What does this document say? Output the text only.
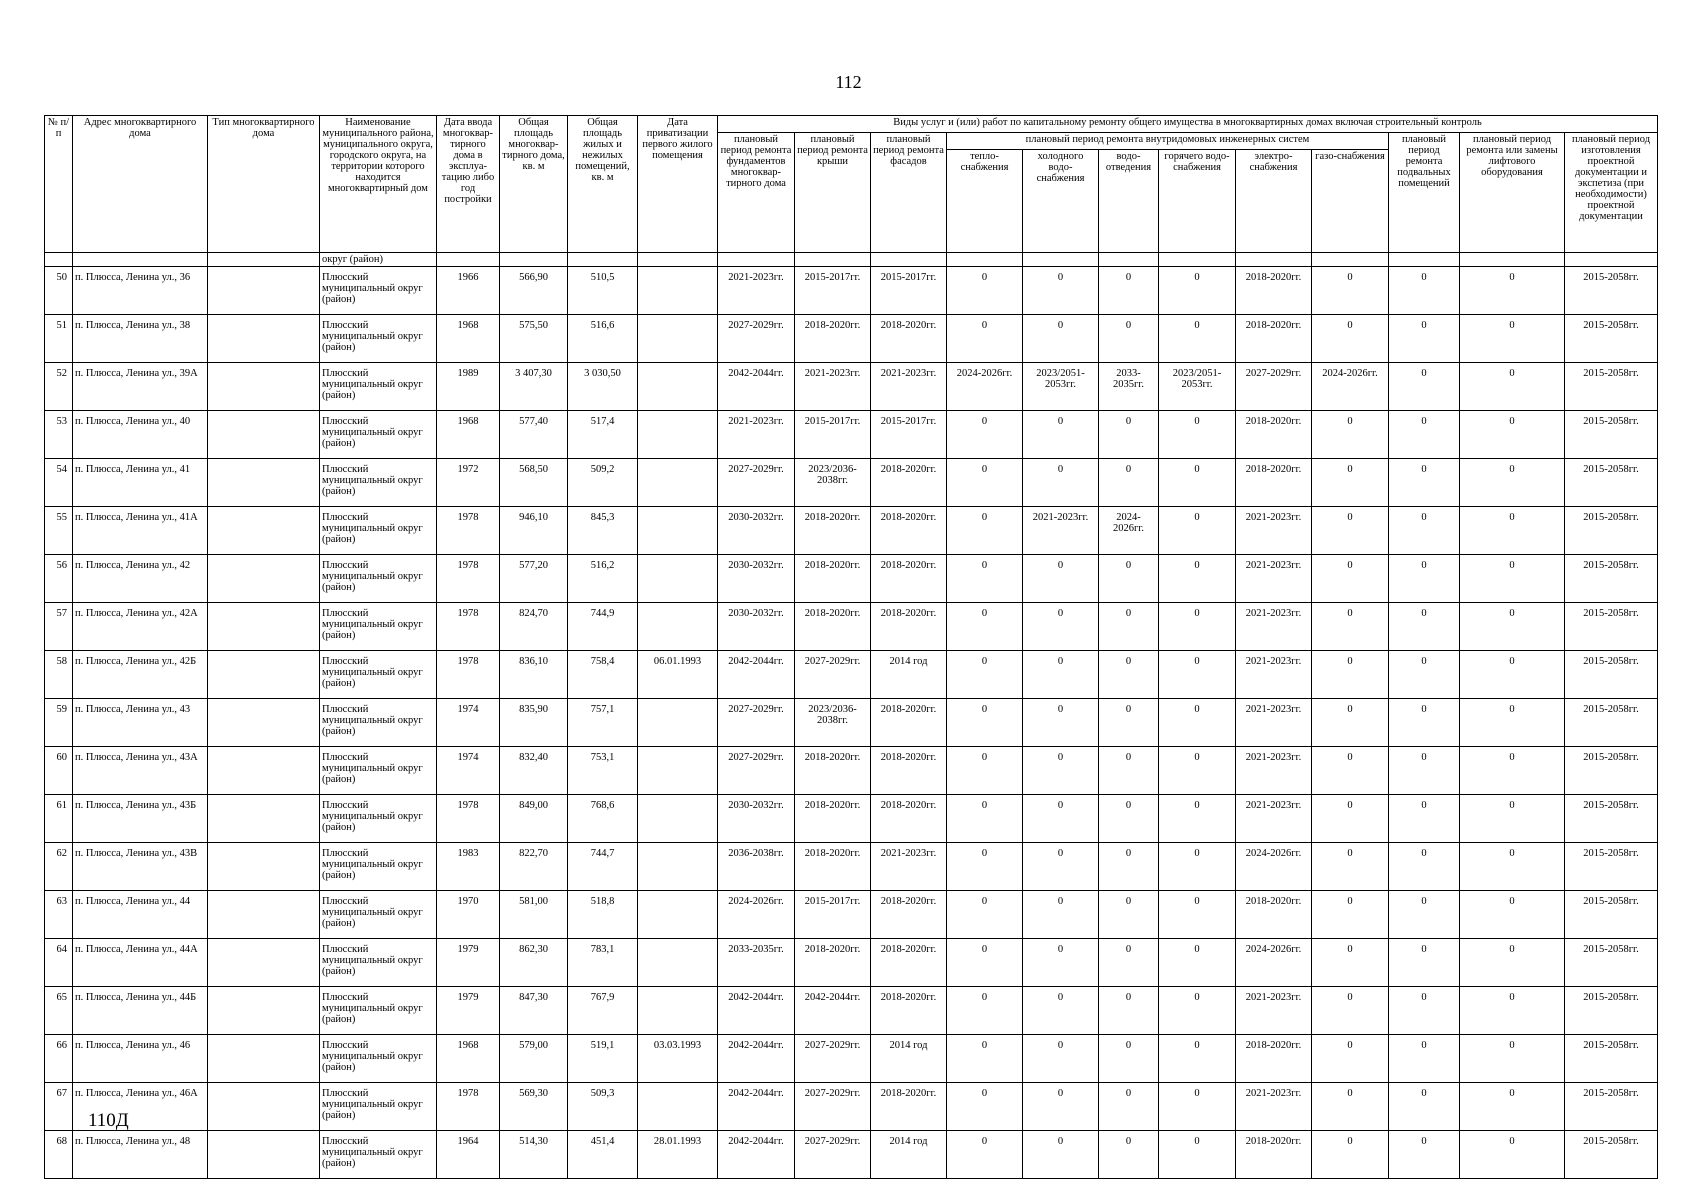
112
№ п/п	Адрес многоквартирного дома	Тип многоквартирного дома	Наименование муниципального района, муниципального округа, городского округа, на территории которого находится многоквартирный дом	Дата ввода многоквар-тирного дома в эксплуа-тацию либо год постройки	Общая площадь многоквар-тирного дома, кв. м	Общая площадь жилых и нежилых помещений, кв. м	Дата приватизации первого жилого помещения	Виды услуг и (или) работ по капитальному ремонту общего имущества в многоквартирных домах включая строительный контроль											
								плановый период ремонта фундаментов многоквар-тирного дома	плановый период ремонта крыши	плановый период ремонта фасадов	плановый период ремонта внутридомовых инженерных систем						плановый период ремонта подвальных помещений	плановый период ремонта или замены лифтового оборудования	плановый период изготовления проектной документации и экспетиза (при необходимости) проектной документации
											тепло-снабжения	холодного водо-снабжения	водо-отведения	горячего водо-снабжения	электро-снабжения	газо-снабжения			
			округ (район)																
50	п. Плюсса, Ленина ул., 36		Плюсский муниципальный округ (район)	1966	566,90	510,5		2021-2023гг.	2015-2017гг.	2015-2017гг.	0	0	0	0	2018-2020гг.	0	0	0	2015-2058гг.
51	п. Плюсса, Ленина ул., 38		Плюсский муниципальный округ (район)	1968	575,50	516,6		2027-2029гг.	2018-2020гг.	2018-2020гг.	0	0	0	0	2018-2020гг.	0	0	0	2015-2058гг.
52	п. Плюсса, Ленина ул., 39А		Плюсский муниципальный округ (район)	1989	3 407,30	3 030,50		2042-2044гг.	2021-2023гг.	2021-2023гг.	2024-2026гг.	2023/2051-2053гг.	2033-2035гг.	2023/2051-2053гг.	2027-2029гг.	2024-2026гг.	0	0	2015-2058гг.
53	п. Плюсса, Ленина ул., 40		Плюсский муниципальный округ (район)	1968	577,40	517,4		2021-2023гг.	2015-2017гг.	2015-2017гг.	0	0	0	0	2018-2020гг.	0	0	0	2015-2058гг.
54	п. Плюсса, Ленина ул., 41		Плюсский муниципальный округ (район)	1972	568,50	509,2		2027-2029гг.	2023/2036-2038гг.	2018-2020гг.	0	0	0	0	2018-2020гг.	0	0	0	2015-2058гг.
55	п. Плюсса, Ленина ул., 41А		Плюсский муниципальный округ (район)	1978	946,10	845,3		2030-2032гг.	2018-2020гг.	2018-2020гг.	0	2021-2023гг.	2024-2026гг.	0	2021-2023гг.	0	0	0	2015-2058гг.
56	п. Плюсса, Ленина ул., 42		Плюсский муниципальный округ (район)	1978	577,20	516,2		2030-2032гг.	2018-2020гг.	2018-2020гг.	0	0	0	0	2021-2023гг.	0	0	0	2015-2058гг.
57	п. Плюсса, Ленина ул., 42А		Плюсский муниципальный округ (район)	1978	824,70	744,9		2030-2032гг.	2018-2020гг.	2018-2020гг.	0	0	0	0	2021-2023гг.	0	0	0	2015-2058гг.
58	п. Плюсса, Ленина ул., 42Б		Плюсский муниципальный округ (район)	1978	836,10	758,4	06.01.1993	2042-2044гг.	2027-2029гг.	2014 год	0	0	0	0	2021-2023гг.	0	0	0	2015-2058гг.
59	п. Плюсса, Ленина ул., 43		Плюсский муниципальный округ (район)	1974	835,90	757,1		2027-2029гг.	2023/2036-2038гг.	2018-2020гг.	0	0	0	0	2021-2023гг.	0	0	0	2015-2058гг.
60	п. Плюсса, Ленина ул., 43А		Плюсский муниципальный округ (район)	1974	832,40	753,1		2027-2029гг.	2018-2020гг.	2018-2020гг.	0	0	0	0	2021-2023гг.	0	0	0	2015-2058гг.
61	п. Плюсса, Ленина ул., 43Б		Плюсский муниципальный округ (район)	1978	849,00	768,6		2030-2032гг.	2018-2020гг.	2018-2020гг.	0	0	0	0	2021-2023гг.	0	0	0	2015-2058гг.
62	п. Плюсса, Ленина ул., 43В		Плюсский муниципальный округ (район)	1983	822,70	744,7		2036-2038гг.	2018-2020гг.	2021-2023гг.	0	0	0	0	2024-2026гг.	0	0	0	2015-2058гг.
63	п. Плюсса, Ленина ул., 44		Плюсский муниципальный округ (район)	1970	581,00	518,8		2024-2026гг.	2015-2017гг.	2018-2020гг.	0	0	0	0	2018-2020гг.	0	0	0	2015-2058гг.
64	п. Плюсса, Ленина ул., 44А		Плюсский муниципальный округ (район)	1979	862,30	783,1		2033-2035гг.	2018-2020гг.	2018-2020гг.	0	0	0	0	2024-2026гг.	0	0	0	2015-2058гг.
65	п. Плюсса, Ленина ул., 44Б		Плюсский муниципальный округ (район)	1979	847,30	767,9		2042-2044гг.	2042-2044гг.	2018-2020гг.	0	0	0	0	2021-2023гг.	0	0	0	2015-2058гг.
66	п. Плюсса, Ленина ул., 46		Плюсский муниципальный округ (район)	1968	579,00	519,1	03.03.1993	2042-2044гг.	2027-2029гг.	2014 год	0	0	0	0	2018-2020гг.	0	0	0	2015-2058гг.
67	п. Плюсса, Ленина ул., 46А		Плюсский муниципальный округ (район)	1978	569,30	509,3		2042-2044гг.	2027-2029гг.	2018-2020гг.	0	0	0	0	2021-2023гг.	0	0	0	2015-2058гг.
68	п. Плюсса, Ленина ул., 48		Плюсский муниципальный округ (район)	1964	514,30	451,4	28.01.1993	2042-2044гг.	2027-2029гг.	2014 год	0	0	0	0	2018-2020гг.	0	0	0	2015-2058гг.
110Д
